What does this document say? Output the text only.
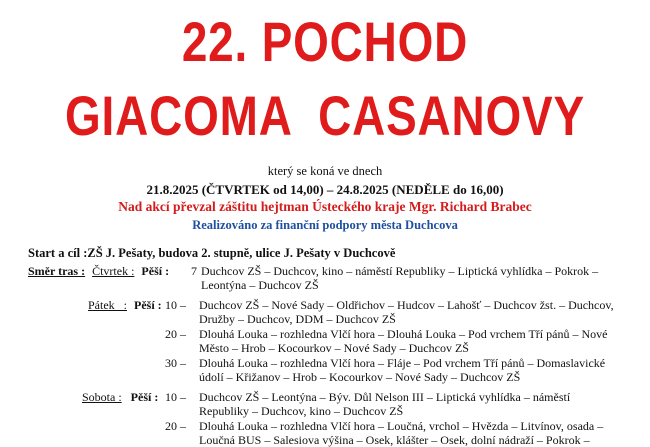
22. POCHOD
GIACOMA  CASANOVY
který se koná ve dnech
21.8.2025 (ČTVRTEK od 14,00) – 24.8.2025 (NEDĚLE do 16,00)
Nad akcí převzal záštitu hejtman Ústeckého kraje Mgr. Richard Brabec
Realizováno za finanční podpory města Duchcova
Start a cíl :ZŠ J. Pešaty, budova 2. stupně, ulice J. Pešaty v Duchcově
Směr tras : Čtvrtek : Pěší :	7 Duchcov ZŠ – Duchcov, kino – náměstí Republiky – Liptická vyhlídka – Pokrok –
Leontýna – Duchcov ZŠ
Pátek   : Pěší : 10 –	Duchcov ZŠ – Nové Sady – Oldřichov – Hudcov – Lahošť – Duchcov žst. – Duchcov,
Družby – Duchcov, DDM – Duchcov ZŠ
20 –	Dlouhá Louka – rozhledna Vlčí hora – Dlouhá Louka – Pod vrchem Tří pánů – Nové
Město – Hrob – Kocourkov – Nové Sady – Duchcov ZŠ
30 –	Dlouhá Louka – rozhledna Vlčí hora – Fláje – Pod vrchem Tří pánů – Domaslavické
údolí – Křižanov – Hrob – Kocourkov – Nové Sady – Duchcov ZŠ
Sobota : Pěší : 10 –	Duchcov ZŠ – Leontýna – Býv. Důl Nelson III – Liptická vyhlídka – náměstí
Republiky – Duchcov, kino – Duchcov ZŠ
20 –	Dlouhá Louka – rozhledna Vlčí hora – Loučná, vrchol – Hvězda – Litvínov, osada –
Loučná BUS – Salesiova výšina – Osek, klášter – Osek, dolní nádraží – Pokrok –
